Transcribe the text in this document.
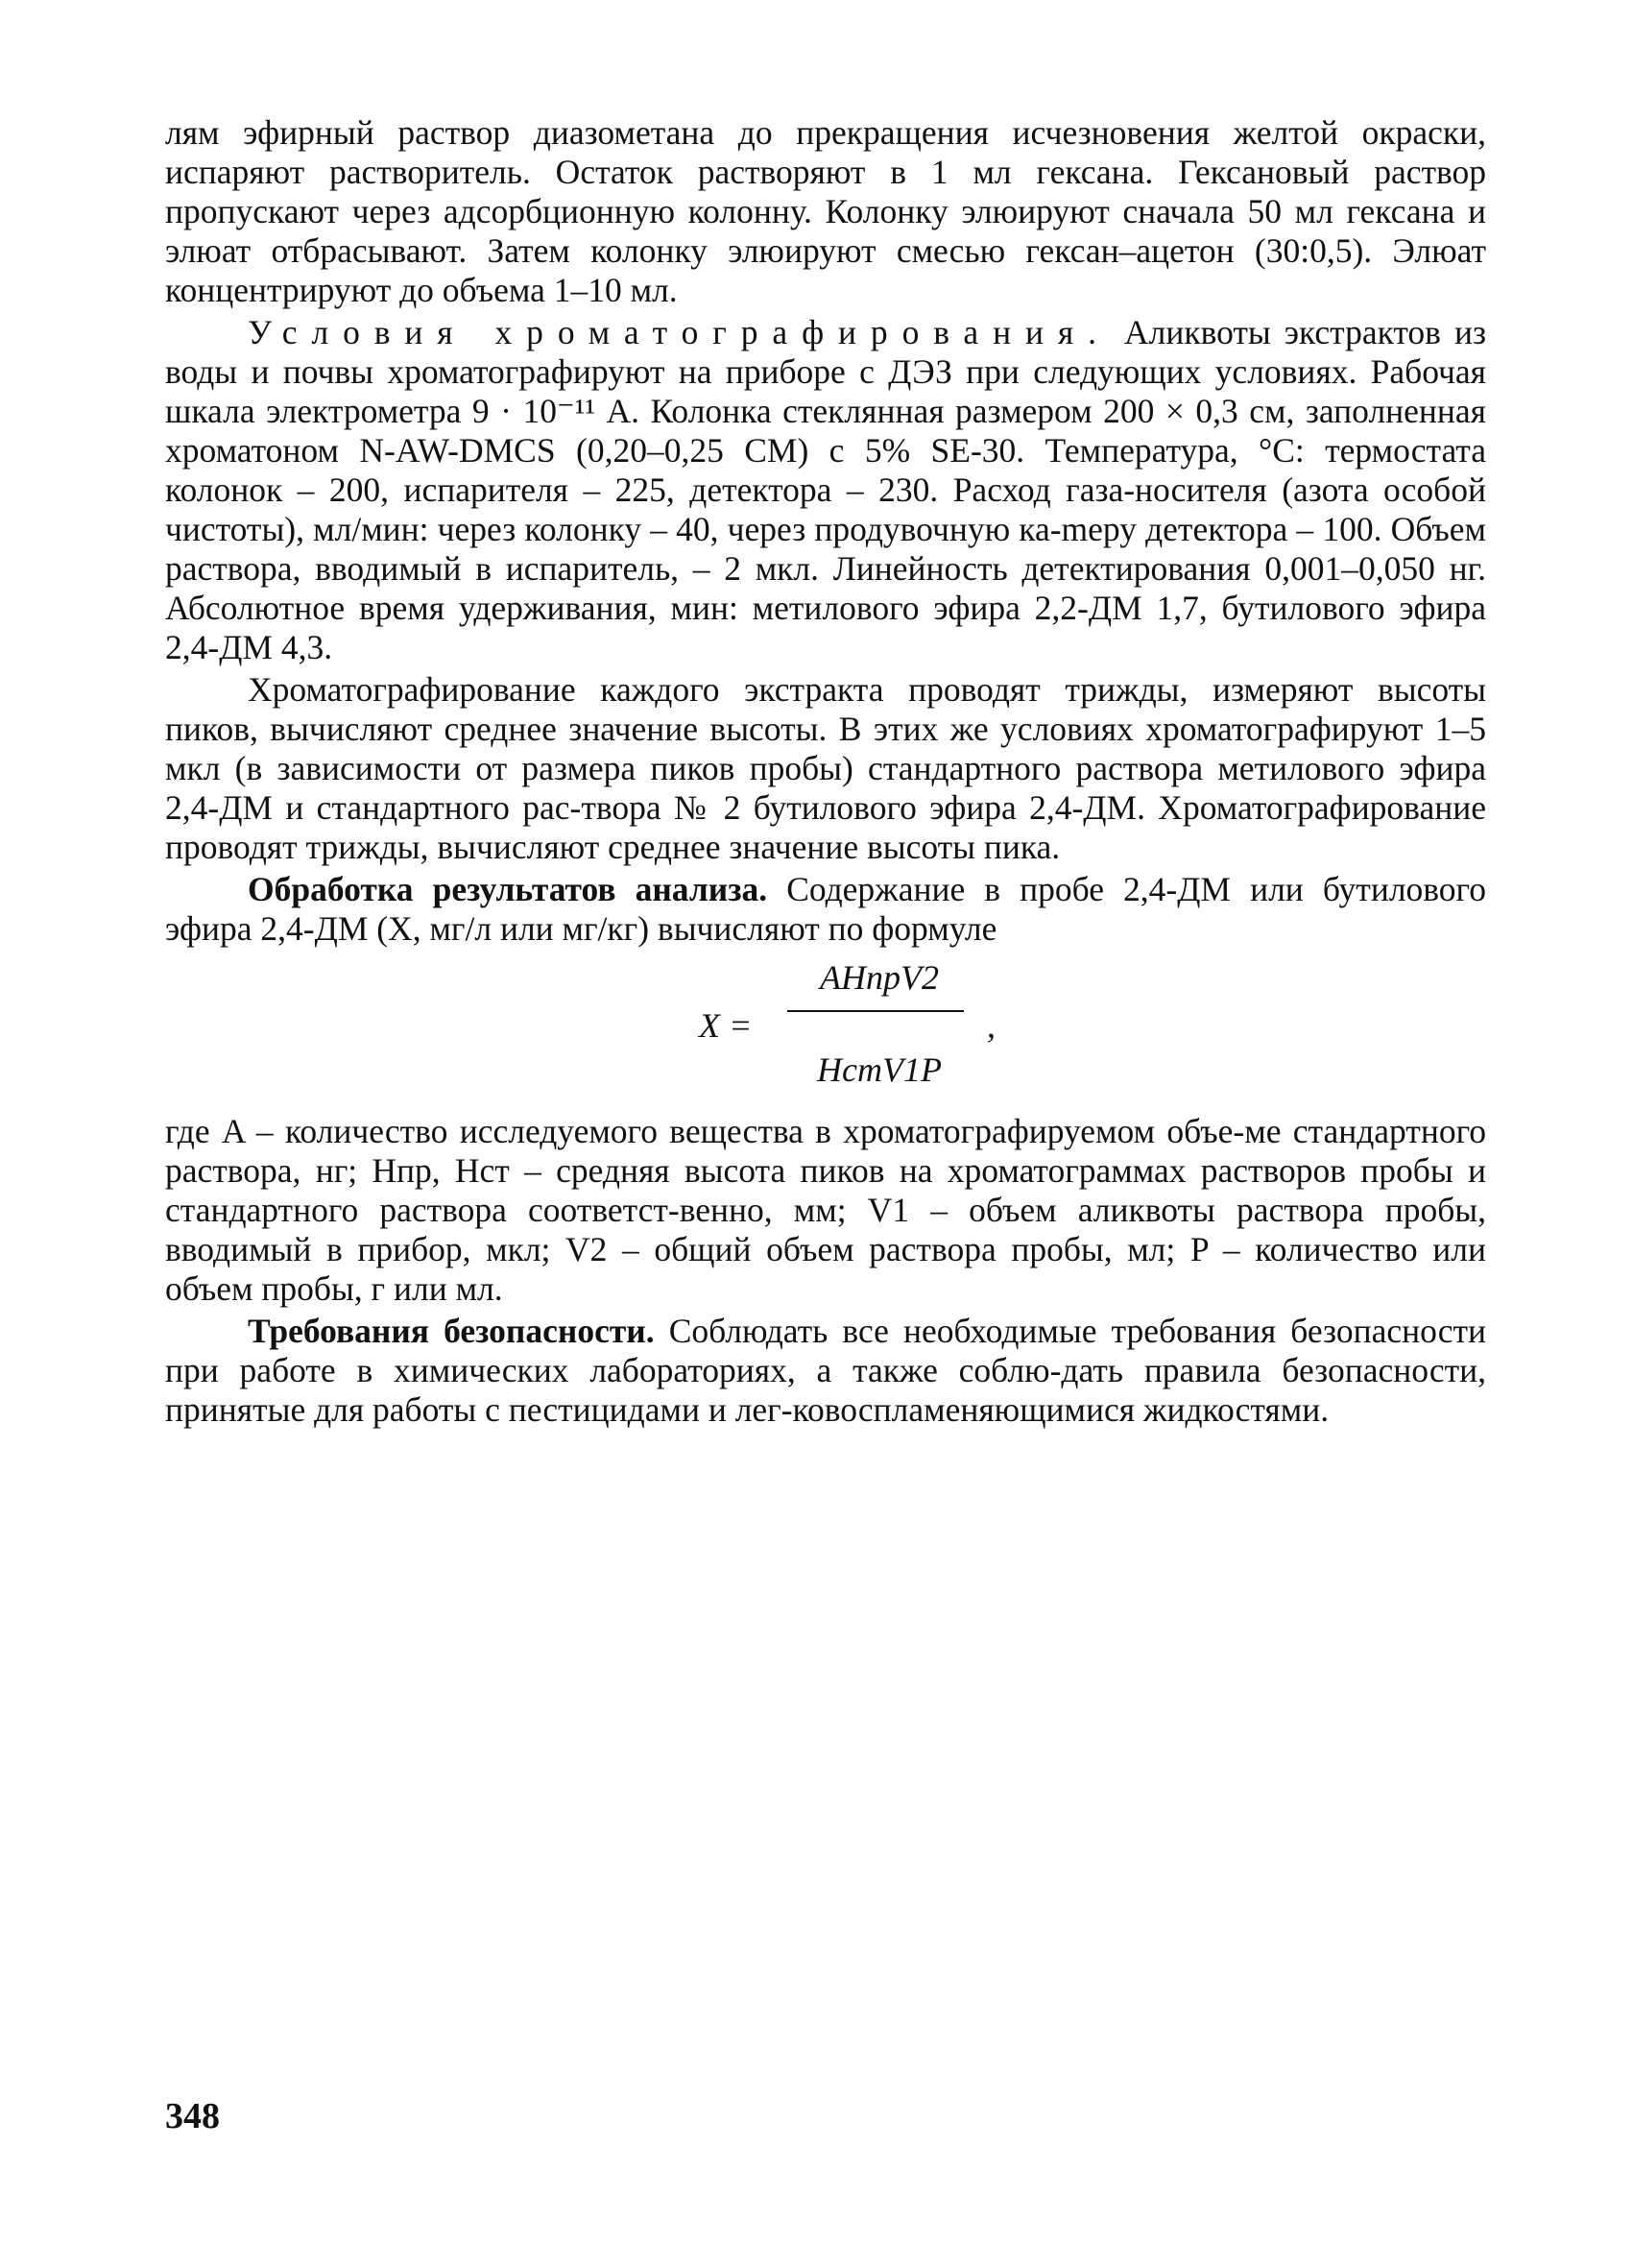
лям эфирный раствор диазометана до прекращения исчезновения желтой окраски, испаряют растворитель. Остаток растворяют в 1 мл гексана. Гексановый раствор пропускают через адсорбционную колонну. Колонку элюируют сначала 50 мл гексана и элюат отбрасывают. Затем колонку элюируют смесью гексан–ацетон (30:0,5). Элюат концентрируют до объема 1–10 мл.

Условия хроматографирования. Аликвоты экстрактов из воды и почвы хроматографируют на приборе с ДЭЗ при следующих условиях. Рабочая шкала электрометра 9 · 10⁻¹¹ А. Колонка стеклянная размером 200 × 0,3 см, заполненная хроматоном N-AW-DMCS (0,20–0,25 СМ) с 5% SE-30. Температура, °С: термостата колонок – 200, испарителя – 225, детектора – 230. Расход газа-носителя (азота особой чистоты), мл/мин: через колонку – 40, через продувочную ка-mеру детектора – 100. Объем раствора, вводимый в испаритель, – 2 мкл. Линейность детектирования 0,001–0,050 нг. Абсолютное время удерживания, мин: метилового эфира 2,2-ДМ 1,7, бутилового эфира 2,4-ДМ 4,3.

Хроматографирование каждого экстракта проводят трижды, измеряют высоты пиков, вычисляют среднее значение высоты. В этих же условиях хроматографируют 1–5 мкл (в зависимости от размера пиков пробы) стандартного раствора метилового эфира 2,4-ДМ и стандартного рас-твора № 2 бутилового эфира 2,4-ДМ. Хроматографирование проводят трижды, вычисляют среднее значение высоты пика.

Обработка результатов анализа. Содержание в пробе 2,4-ДМ или бутилового эфира 2,4-ДМ (X, мг/л или мг/кг) вычисляют по формуле

X =
AHпрV2
HстV1P
,

где A – количество исследуемого вещества в хроматографируемом объе-ме стандартного раствора, нг; Hпр, Hст – средняя высота пиков на хроматограммах растворов пробы и стандартного раствора соответст-венно, мм; V1 – объем аликвоты раствора пробы, вводимый в прибор, мкл; V2 – общий объем раствора пробы, мл; P – количество или объем пробы, г или мл.

Требования безопасности. Соблюдать все необходимые требования безопасности при работе в химических лабораториях, а также соблю-дать правила безопасности, принятые для работы с пестицидами и лег-ковоспламеняющимися жидкостями.

348
